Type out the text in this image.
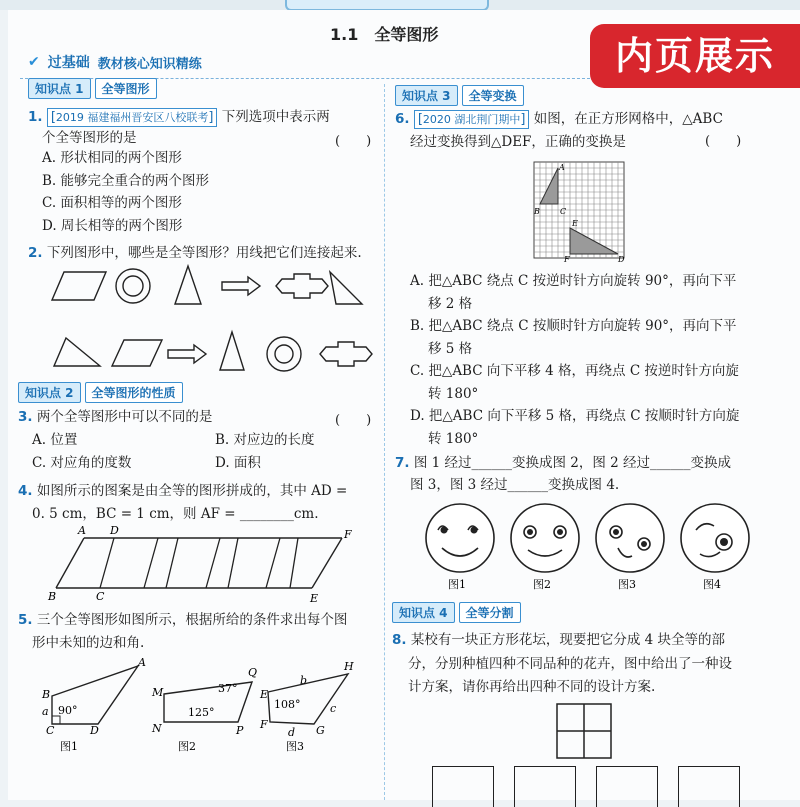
内页展示
1.1　全等图形
✔ 过基础 教材核心知识精练
知识点 1	全等图形
1. [2019 福建福州晋安区八校联考] 下列选项中表示两
个全等图形的是	(　　)
A. 形状相同的两个图形
B. 能够完全重合的两个图形
C. 面积相等的两个图形
D. 周长相等的两个图形
2. 下列图形中，哪些是全等图形？用线把它们连接起来.
知识点 2	全等图形的性质
3. 两个全等图形中可以不同的是	(　　)
A. 位置	B. 对应边的长度
C. 对应角的度数	D. 面积
4. 如图所示的图案是由全等的图形拼成的，其中 AD =
0. 5 cm，BC = 1 cm，则 AF = ________cm.
A D	F
B	C	E
5. 三个全等图形如图所示，根据所给的条件求出每个图
形中未知的边和角.
A
B
a 90°
C	D
图1
Q
37°
M
125°
N	P
图2
H
b
E
108°	c
F
d G
图3
知识点 3	全等变换
6. [2020 湖北荆门期中] 如图，在正方形网格中，△ABC
经过变换得到△DEF，正确的变换是	(　　)
A
B	C
E
F	D
A. 把△ABC 绕点 C 按逆时针方向旋转 90°，再向下平
移 2 格
B. 把△ABC 绕点 C 按顺时针方向旋转 90°，再向下平
移 5 格
C. 把△ABC 向下平移 4 格，再绕点 C 按逆时针方向旋
转 180°
D. 把△ABC 向下平移 5 格，再绕点 C 按顺时针方向旋
转 180°
7. 图 1 经过______变换成图 2，图 2 经过______变换成
图 3，图 3 经过______变换成图 4.
图1	图2	图3	图4
知识点 4	全等分割
8. 某校有一块正方形花坛，现要把它分成 4 块全等的部
分，分别种植四种不同品种的花卉，图中给出了一种设
计方案，请你再给出四种不同的设计方案.
